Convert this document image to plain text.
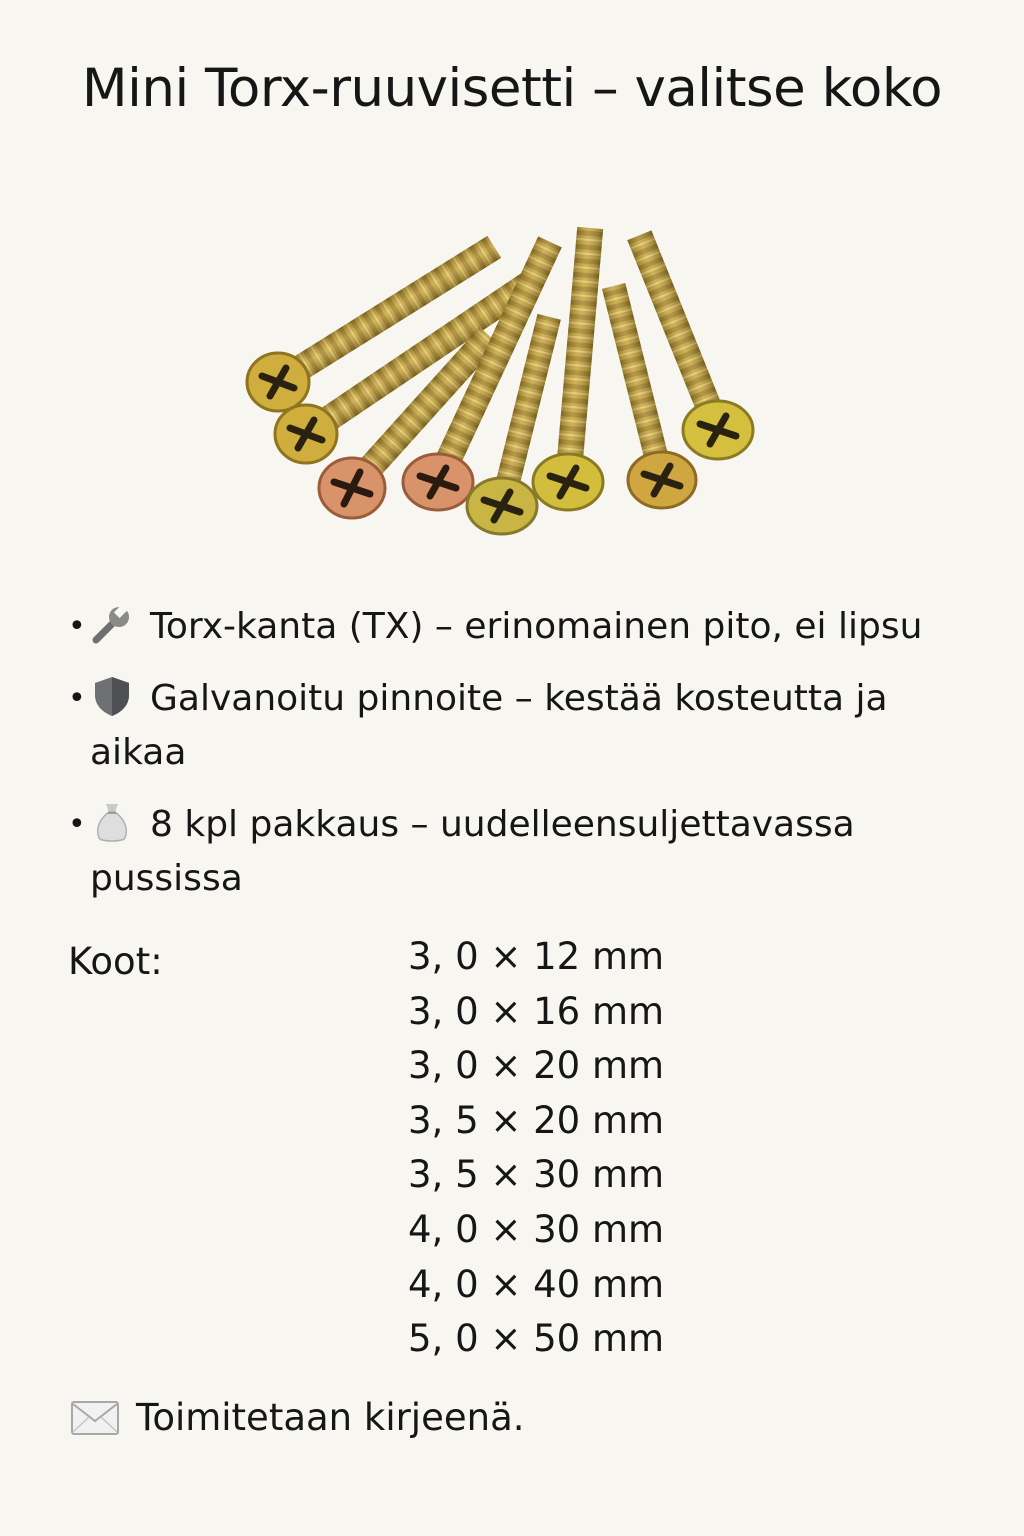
Mini Torx-ruuvisetti – valitse koko
• Torx-kanta (TX) – erinomainen pito, ei lipsu
• Galvanoitu pinnoite – kestää kosteutta ja aikaa
• 8 kpl pakkaus – uudelleensuljettavassa pussissa
Koot:	3, 0 × 12 mm
3, 0 × 16 mm
3, 0 × 20 mm
3, 5 × 20 mm
3, 5 × 30 mm
4, 0 × 30 mm
4, 0 × 40 mm
5, 0 × 50 mm
Toimitetaan kirjeenä.
